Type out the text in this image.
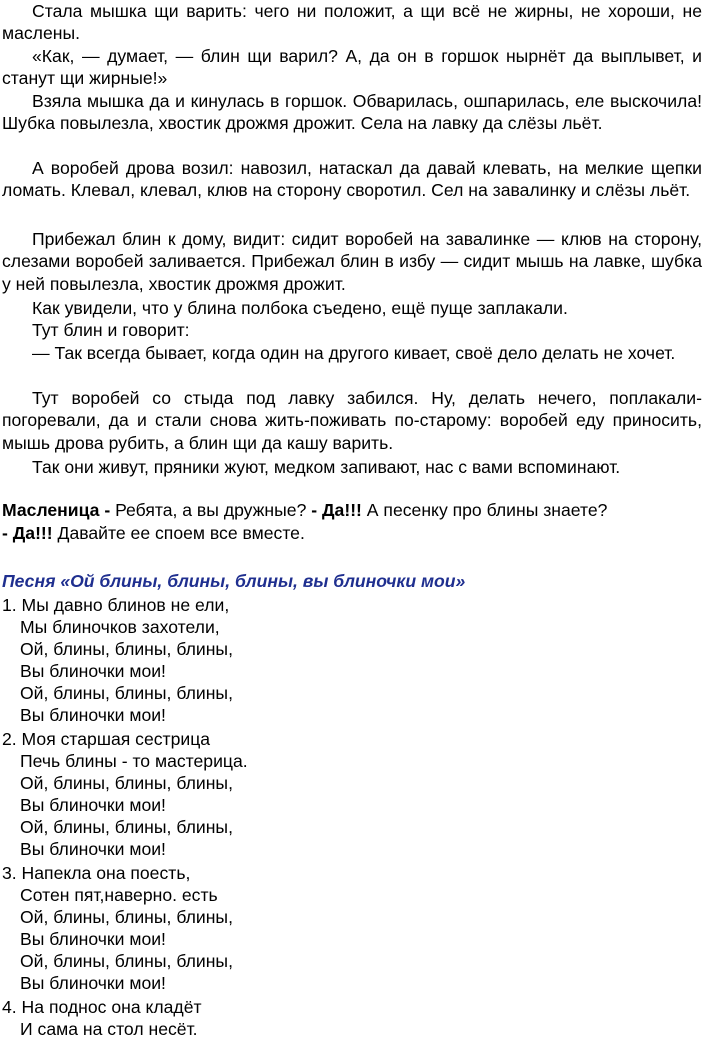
Стала мышка щи варить: чего ни положит, а щи всё не жирны, не хороши, не маслены.

«Как, — думает, — блин щи варил? А, да он в горшок нырнёт да выплывет, и станут щи жирные!»

Взяла мышка да и кинулась в горшок. Обварилась, ошпарилась, еле выскочила! Шубка повылезла, хвостик дрожмя дрожит. Села на лавку да слёзы льёт.

А воробей дрова возил: навозил, натаскал да давай клевать, на мелкие щепки ломать. Клевал, клевал, клюв на сторону своротил. Сел на завалинку и слёзы льёт.

Прибежал блин к дому, видит: сидит воробей на завалинке — клюв на сторону, слезами воробей заливается. Прибежал блин в избу — сидит мышь на лавке, шубка у ней повылезла, хвостик дрожмя дрожит.

Как увидели, что у блина полбока съедено, ещё пуще заплакали.

Тут блин и говорит:

— Так всегда бывает, когда один на другого кивает, своё дело делать не хочет.

Тут воробей со стыда под лавку забился. Ну, делать нечего, поплакали-погоревали, да и стали снова жить-поживать по-старому: воробей еду приносить, мышь дрова рубить, а блин щи да кашу варить.

Так они живут, пряники жуют, медком запивают, нас с вами вспоминают.

Масленица - Ребята, а вы дружные? - Да!!! А песенку про блины знаете?

- Да!!! Давайте ее споем все вместе.

Песня «Ой блины, блины, блины, вы блиночки мои»

1. Мы давно блинов не ели,

Мы блиночков захотели,

Ой, блины, блины, блины,

Вы блиночки мои!

Ой, блины, блины, блины,

Вы блиночки мои!

2. Моя старшая сестрица

Печь блины - то мастерица.

Ой, блины, блины, блины,

Вы блиночки мои!

Ой, блины, блины, блины,

Вы блиночки мои!

3. Напекла она поесть,

Сотен пят,наверно. есть

Ой, блины, блины, блины,

Вы блиночки мои!

Ой, блины, блины, блины,

Вы блиночки мои!

4. На поднос она кладёт

И сама на стол несёт.
